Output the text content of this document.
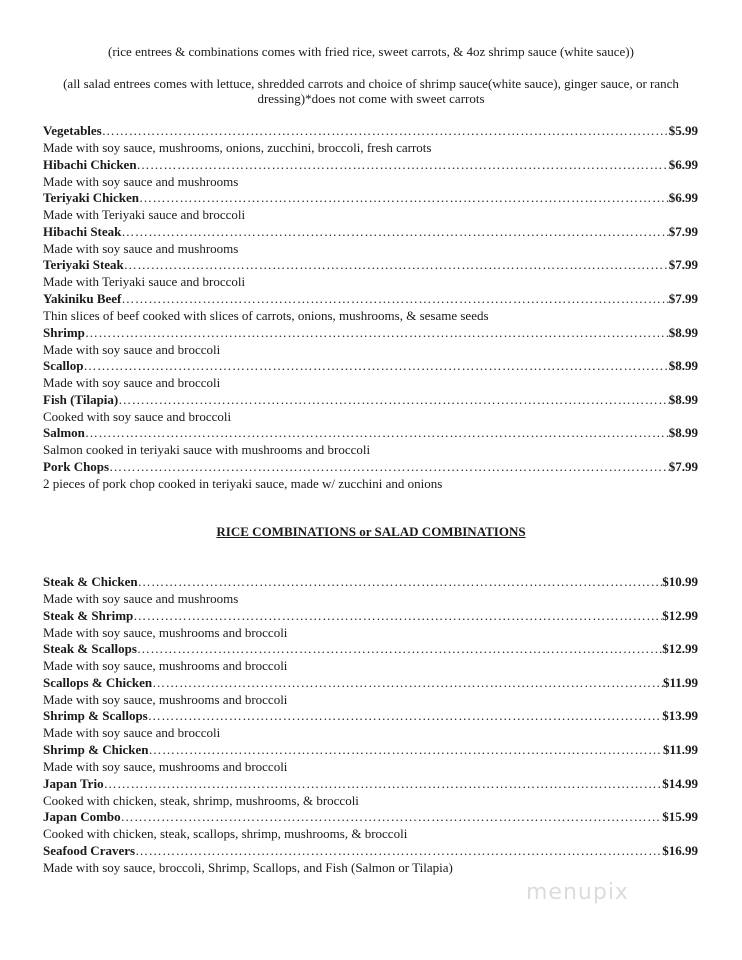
(rice entrees & combinations comes with fried rice, sweet carrots, & 4oz shrimp sauce (white sauce))
(all salad entrees comes with lettuce, shredded carrots and choice of shrimp sauce(white sauce), ginger sauce, or ranch
dressing)*does not come with sweet carrots
Vegetables …………………………………………………………………………………………………………………………………………………………………………………………………………………………	$5.99
Made with soy sauce, mushrooms, onions, zucchini, broccoli, fresh carrots
Hibachi Chicken …………………………………………………………………………………………………………………………………………………………………………………………………………………………	$6.99
Made with soy sauce and mushrooms
Teriyaki Chicken …………………………………………………………………………………………………………………………………………………………………………………………………………………………	$6.99
Made with Teriyaki sauce and broccoli
Hibachi Steak …………………………………………………………………………………………………………………………………………………………………………………………………………………………	$7.99
Made with soy sauce and mushrooms
Teriyaki Steak …………………………………………………………………………………………………………………………………………………………………………………………………………………………	$7.99
Made with Teriyaki sauce and broccoli
Yakiniku Beef …………………………………………………………………………………………………………………………………………………………………………………………………………………………	$7.99
Thin slices of beef cooked with slices of carrots, onions, mushrooms, & sesame seeds
Shrimp …………………………………………………………………………………………………………………………………………………………………………………………………………………………	$8.99
Made with soy sauce and broccoli
Scallop …………………………………………………………………………………………………………………………………………………………………………………………………………………………	$8.99
Made with soy sauce and broccoli
Fish (Tilapia) …………………………………………………………………………………………………………………………………………………………………………………………………………………………	$8.99
Cooked with soy sauce and broccoli
Salmon …………………………………………………………………………………………………………………………………………………………………………………………………………………………	$8.99
Salmon cooked in teriyaki sauce with mushrooms and broccoli
Pork Chops …………………………………………………………………………………………………………………………………………………………………………………………………………………………	$7.99
2 pieces of pork chop cooked in teriyaki sauce, made w/ zucchini and onions
RICE COMBINATIONS or SALAD COMBINATIONS
Steak & Chicken …………………………………………………………………………………………………………………………………………………………………………………………………………………………	$10.99
Made with soy sauce and mushrooms
Steak & Shrimp …………………………………………………………………………………………………………………………………………………………………………………………………………………………	$12.99
Made with soy sauce, mushrooms and broccoli
Steak & Scallops …………………………………………………………………………………………………………………………………………………………………………………………………………………………	$12.99
Made with soy sauce, mushrooms and broccoli
Scallops & Chicken …………………………………………………………………………………………………………………………………………………………………………………………………………………………	$11.99
Made with soy sauce, mushrooms and broccoli
Shrimp & Scallops …………………………………………………………………………………………………………………………………………………………………………………………………………………………	$13.99
Made with soy sauce and broccoli
Shrimp & Chicken …………………………………………………………………………………………………………………………………………………………………………………………………………………………	$11.99
Made with soy sauce, mushrooms and broccoli
Japan Trio …………………………………………………………………………………………………………………………………………………………………………………………………………………………	$14.99
Cooked with chicken, steak, shrimp, mushrooms, & broccoli
Japan Combo …………………………………………………………………………………………………………………………………………………………………………………………………………………………	$15.99
Cooked with chicken, steak, scallops, shrimp, mushrooms, & broccoli
Seafood Cravers …………………………………………………………………………………………………………………………………………………………………………………………………………………………	$16.99
Made with soy sauce, broccoli, Shrimp, Scallops, and Fish (Salmon or Tilapia)
menupix
